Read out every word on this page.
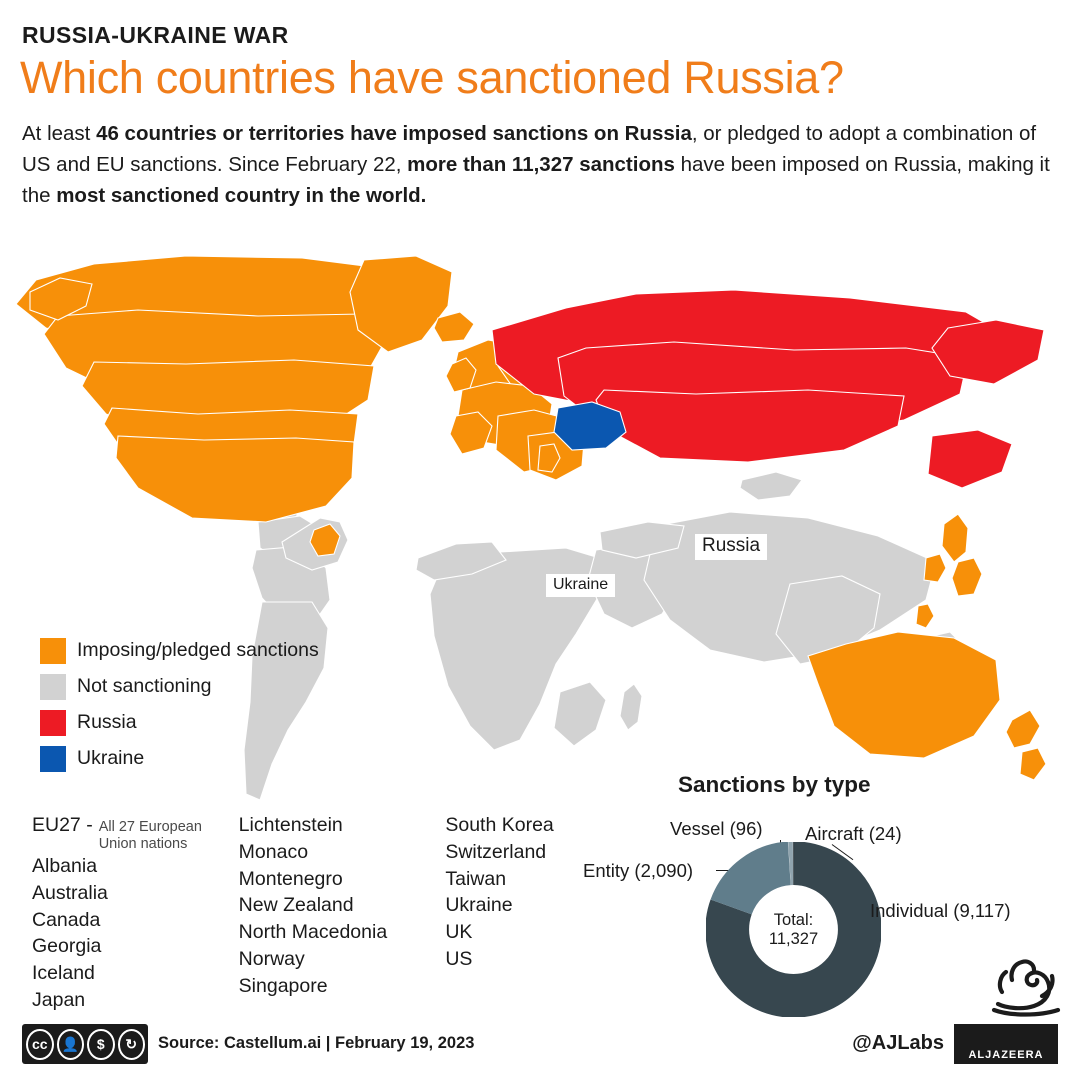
RUSSIA-UKRAINE WAR
Which countries have sanctioned Russia?
At least 46 countries or territories have imposed sanctions on Russia, or pledged to adopt a combination of US and EU sanctions. Since February 22, more than 11,327 sanctions have been imposed on Russia, making it the most sanctioned country in the world.
Russia
Ukraine
Imposing/pledged sanctions
Not sanctioning
Russia
Ukraine
EU27 - All 27 European Union nations
Albania
Australia
Canada
Georgia
Iceland
Japan
Lichtenstein
Monaco
Montenegro
New Zealand
North Macedonia
Norway
Singapore
South Korea
Switzerland
Taiwan
Ukraine
UK
US
Sanctions by type
Total:
11,327
Vessel (96) Aircraft (24)
Entity (2,090)
Individual (9,117)
cc	👤
BY
$
NC
↻
SA
Source: Castellum.ai | February 19, 2023	@AJLabs
ALJAZEERA
